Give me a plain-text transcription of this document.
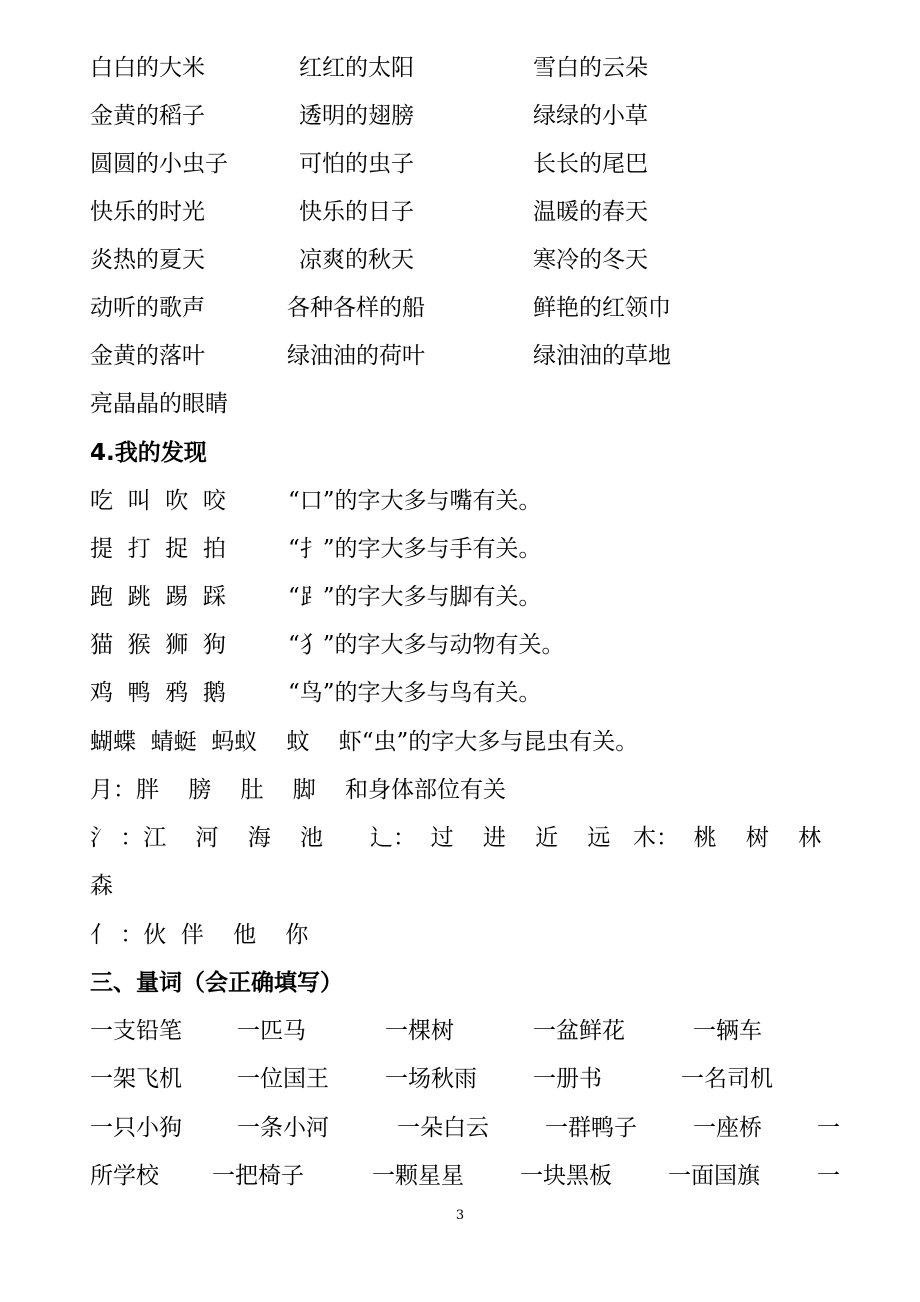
白白的大米	红红的太阳	雪白的云朵
金黄的稻子	透明的翅膀	绿绿的小草
圆圆的小虫子	可怕的虫子	长长的尾巴
快乐的时光	快乐的日子	温暖的春天
炎热的夏天	凉爽的秋天	寒冷的冬天
动听的歌声	各种各样的船	鲜艳的红领巾
金黄的落叶	绿油油的荷叶	绿油油的草地
亮晶晶的眼睛
4.我的发现
吃  叫  吹  咬	“口”的字大多与嘴有关。
提  打  捉  拍	“扌”的字大多与手有关。
跑  跳  踢  踩	“⻊”的字大多与脚有关。
猫  猴  狮  狗	“犭”的字大多与动物有关。
鸡  鸭  鸦  鹅	“鸟”的字大多与鸟有关。
蝴蝶  蜻蜓  蚂蚁    蚊    虾“虫”的字大多与昆虫有关。
月：胖    膀    肚    脚    和身体部位有关
氵 ：江    河    海    池 辶：  过    进    近    远 木：  桃    树    林
森
亻 ：伙  伴    他    你
三、量词（会正确填写）
一支铅笔 一匹马	一棵树	一盆鲜花	一辆车
一架飞机 一位国王 一场秋雨 一册书	一名司机
一只小狗 一条小河	一朵白云 一群鸭子 一座桥 一
所学校 一把椅子	一颗星星 一块黑板 一面国旗 一
3
